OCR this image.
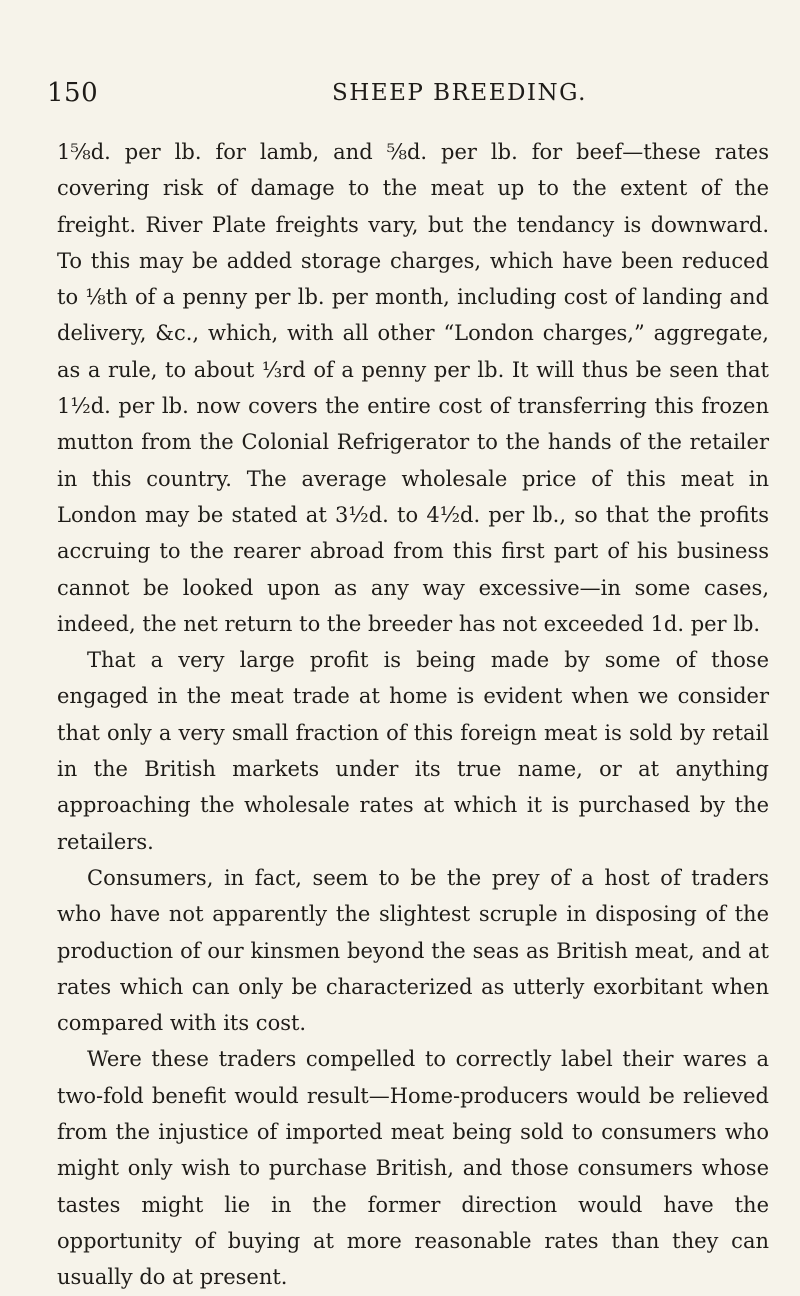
150	SHEEP BREEDING.

1⅝d. per lb. for lamb, and ⅝d. per lb. for beef—these rates covering risk of damage to the meat up to the extent of the freight. River Plate freights vary, but the tendancy is downward. To this may be added storage charges, which have been reduced to ⅛th of a penny per lb. per month, including cost of landing and delivery, &c., which, with all other “London charges,” aggregate, as a rule, to about ⅓rd of a penny per lb. It will thus be seen that 1½d. per lb. now covers the entire cost of transferring this frozen mutton from the Colonial Refrigerator to the hands of the retailer in this country. The average wholesale price of this meat in London may be stated at 3½d. to 4½d. per lb., so that the profits accruing to the rearer abroad from this first part of his business cannot be looked upon as any way excessive—in some cases, indeed, the net return to the breeder has not exceeded 1d. per lb.

That a very large profit is being made by some of those engaged in the meat trade at home is evident when we consider that only a very small fraction of this foreign meat is sold by retail in the British markets under its true name, or at anything approaching the wholesale rates at which it is purchased by the retailers.

Consumers, in fact, seem to be the prey of a host of traders who have not apparently the slightest scruple in disposing of the production of our kinsmen beyond the seas as British meat, and at rates which can only be characterized as utterly exorbitant when compared with its cost.

Were these traders compelled to correctly label their wares a two-fold benefit would result—Home-producers would be relieved from the injustice of imported meat being sold to consumers who might only wish to purchase British, and those consumers whose tastes might lie in the former direction would have the opportunity of buying at more reasonable rates than they can usually do at present.
